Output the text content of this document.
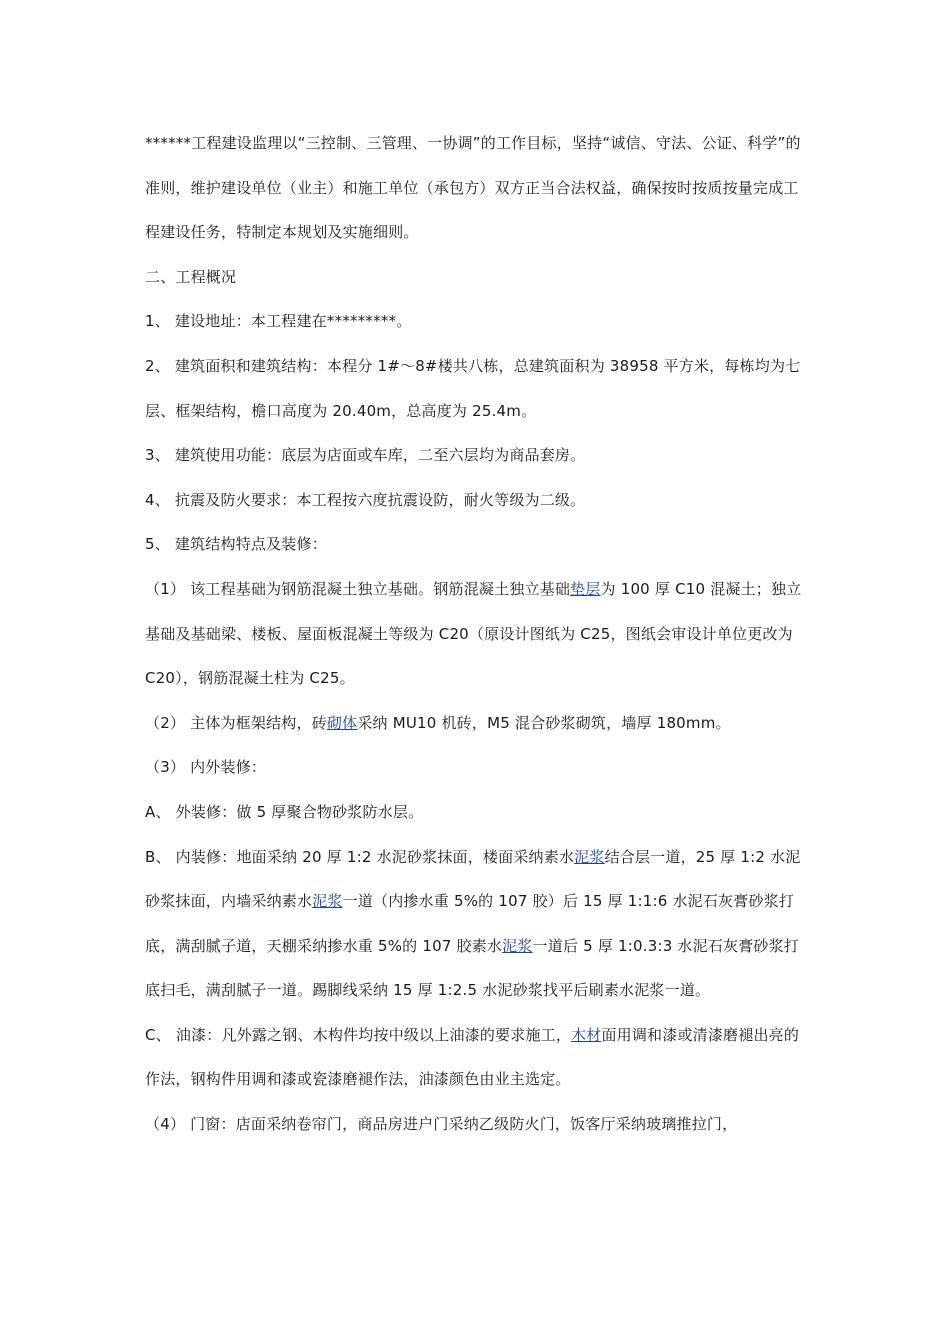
******工程建设监理以“三控制、三管理、一协调”的工作目标，坚持“诚信、守法、公证、科学”的准则，维护建设单位（业主）和施工单位（承包方）双方正当合法权益，确保按时按质按量完成工程建设任务，特制定本规划及实施细则。

二、工程概况

1、 建设地址：本工程建在*********。

2、 建筑面积和建筑结构：本程分 1#～8#楼共八栋，总建筑面积为 38958 平方米，每栋均为七层、框架结构，檐口高度为 20.40m，总高度为 25.4m。

3、 建筑使用功能：底层为店面或车库，二至六层均为商品套房。

4、 抗震及防火要求：本工程按六度抗震设防，耐火等级为二级。

5、 建筑结构特点及装修：

（1） 该工程基础为钢筋混凝土独立基础。钢筋混凝土独立基础垫层为 100 厚 C10 混凝土；独立基础及基础梁、楼板、屋面板混凝土等级为 C20（原设计图纸为 C25，图纸会审设计单位更改为 C20），钢筋混凝土柱为 C25。

（2） 主体为框架结构，砖砌体采纳 MU10 机砖，M5 混合砂浆砌筑，墙厚 180mm。

（3） 内外装修：

A、 外装修：做 5 厚聚合物砂浆防水层。

B、 内装修：地面采纳 20 厚 1:2 水泥砂浆抹面，楼面采纳素水泥浆结合层一道，25 厚 1:2 水泥砂浆抹面，内墙采纳素水泥浆一道（内掺水重 5%的 107 胶）后 15 厚 1:1:6 水泥石灰膏砂浆打底，满刮腻子道，天棚采纳掺水重 5%的 107 胶素水泥浆一道后 5 厚 1:0.3:3 水泥石灰膏砂浆打底扫毛，满刮腻子一道。踢脚线采纳 15 厚 1:2.5 水泥砂浆找平后刷素水泥浆一道。

C、 油漆：凡外露之钢、木构件均按中级以上油漆的要求施工，木材面用调和漆或清漆磨褪出亮的作法，钢构件用调和漆或瓷漆磨褪作法，油漆颜色由业主选定。

（4） 门窗：店面采纳卷帘门，商品房进户门采纳乙级防火门，饭客厅采纳玻璃推拉门，
